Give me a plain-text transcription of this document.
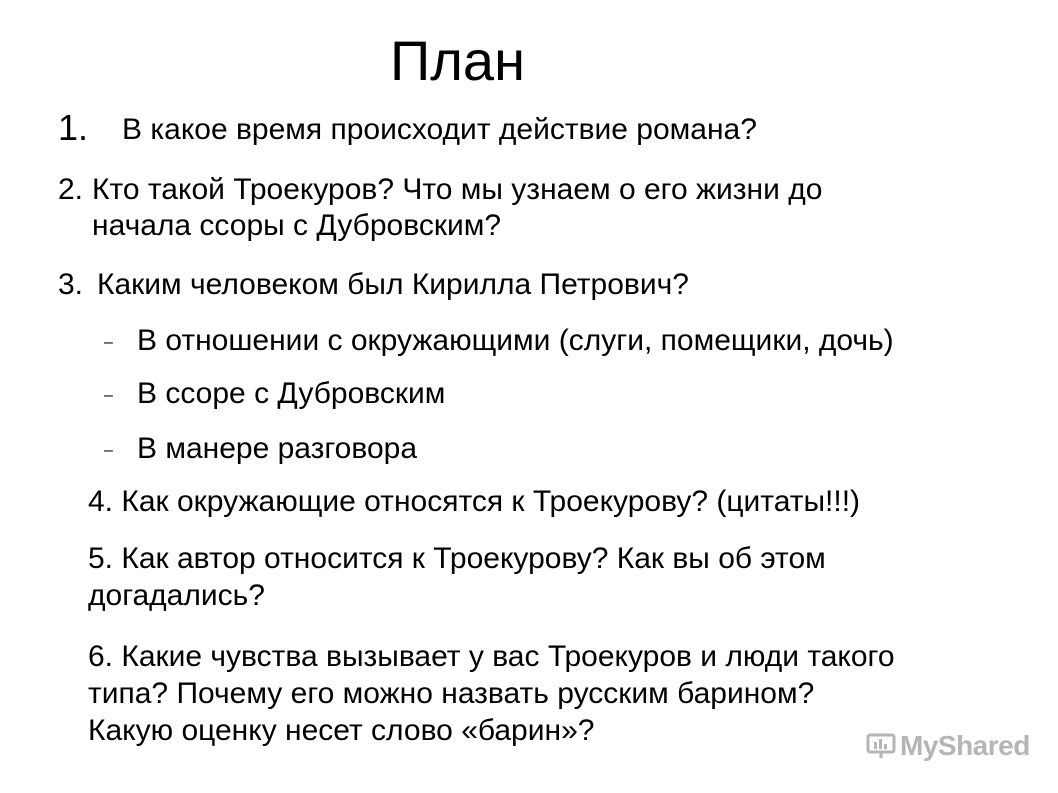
План
1. В какое время происходит действие романа?
2. Кто такой Троекуров? Что мы узнаем о его жизни до
начала ссоры с Дубровским?
3. Каким человеком был Кирилла Петрович?
– В отношении с окружающими (слуги, помещики, дочь)
– В ссоре с Дубровским
– В манере разговора
4. Как окружающие относятся к Троекурову? (цитаты!!!)
5. Как автор относится к Троекурову? Как вы об этом
догадались?
6. Какие чувства вызывает у вас Троекуров и люди такого
типа? Почему его можно назвать русским барином?
Какую оценку несет слово «барин»?	MyShared
